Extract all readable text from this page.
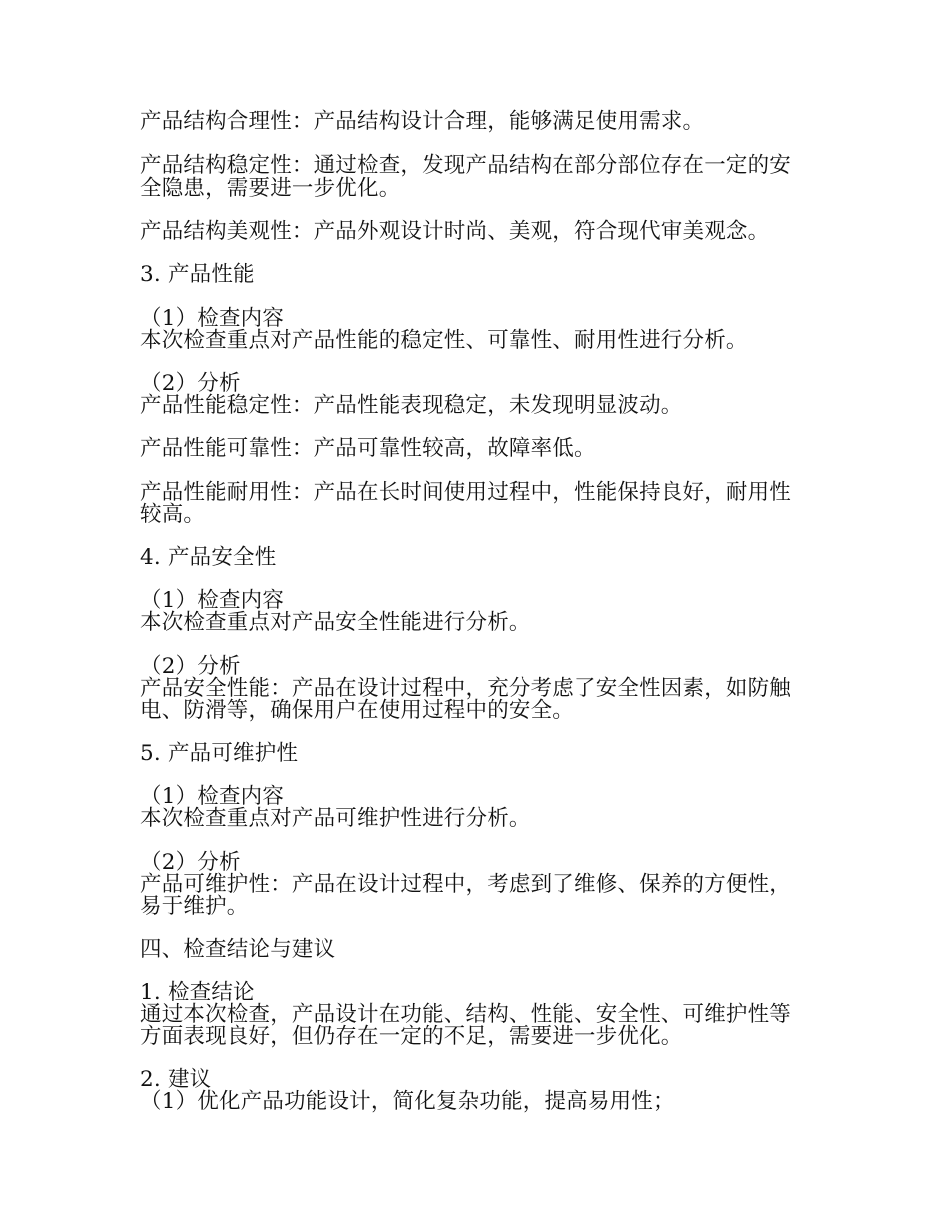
产品结构合理性：产品结构设计合理，能够满足使用需求。
产品结构稳定性：通过检查，发现产品结构在部分部位存在一定的安
全隐患，需要进一步优化。
产品结构美观性：产品外观设计时尚、美观，符合现代审美观念。
3. 产品性能
（1）检查内容
本次检查重点对产品性能的稳定性、可靠性、耐用性进行分析。
（2）分析
产品性能稳定性：产品性能表现稳定，未发现明显波动。
产品性能可靠性：产品可靠性较高，故障率低。
产品性能耐用性：产品在长时间使用过程中，性能保持良好，耐用性
较高。
4. 产品安全性
（1）检查内容
本次检查重点对产品安全性能进行分析。
（2）分析
产品安全性能：产品在设计过程中，充分考虑了安全性因素，如防触
电、防滑等，确保用户在使用过程中的安全。
5. 产品可维护性
（1）检查内容
本次检查重点对产品可维护性进行分析。
（2）分析
产品可维护性：产品在设计过程中，考虑到了维修、保养的方便性，
易于维护。
四、检查结论与建议
1. 检查结论
通过本次检查，产品设计在功能、结构、性能、安全性、可维护性等
方面表现良好，但仍存在一定的不足，需要进一步优化。
2. 建议
（1）优化产品功能设计，简化复杂功能，提高易用性；
